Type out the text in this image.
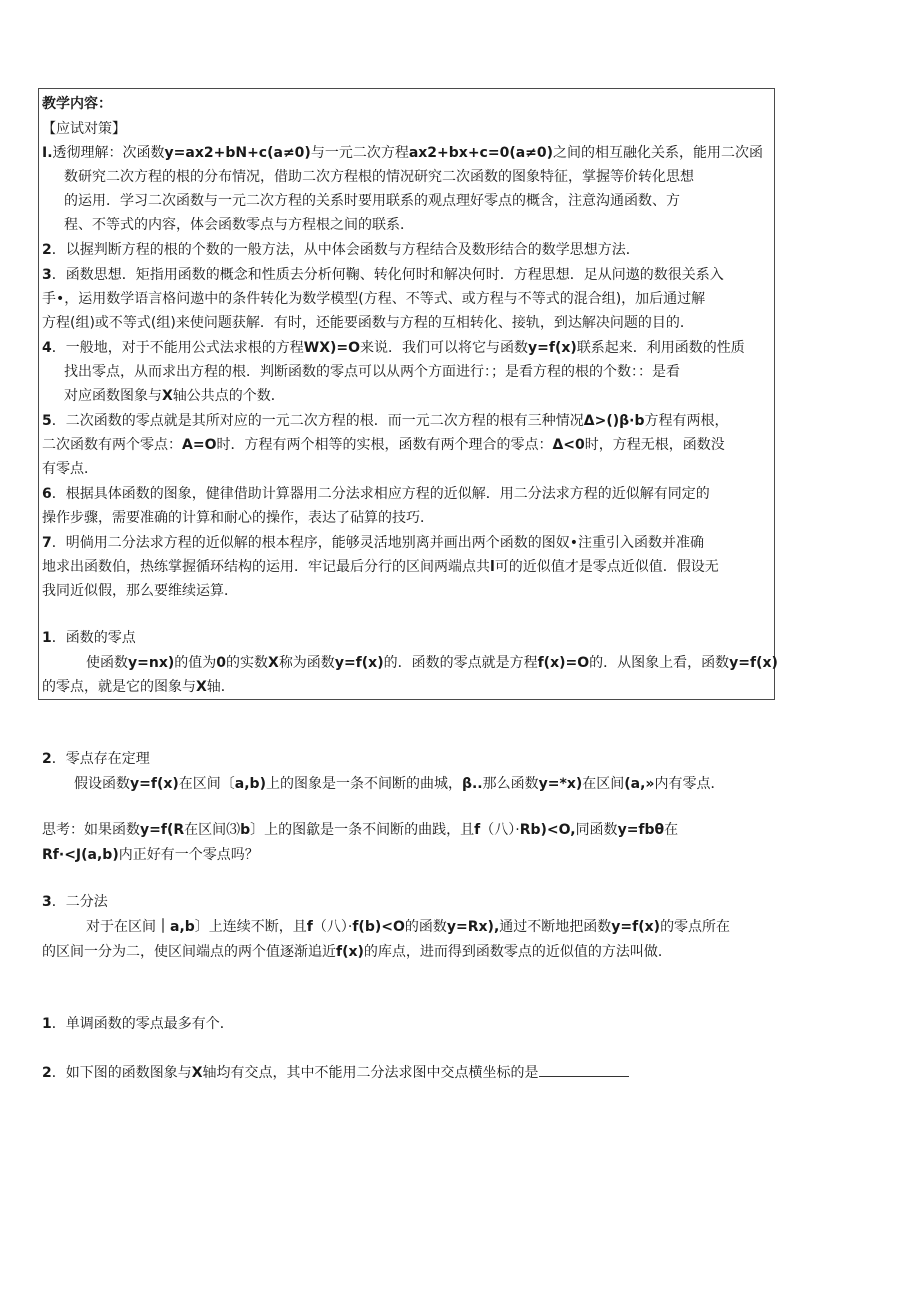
教学内容：
【应试对策】
I.透彻理解：次函数y=ax2+bN+c(a≠0)与一元二次方程ax2+bx+c=0(a≠0)之间的相互融化关系，能用二次函
数研究二次方程的根的分布情况，借助二次方程根的情况研究二次函数的图象特征，掌握等价转化思想
的运用．学习二次函数与一元二次方程的关系时要用联系的观点理好零点的概含，注意沟通函数、方
程、不等式的内容，体会函数零点与方程根之间的联系．
2．以握判断方程的根的个数的一般方法，从中体会函数与方程结合及数形结合的数学思想方法．
3．函数思想．矩指用函数的概念和性质去分析何鞠、转化何时和解决何时．方程思想．足从问遨的数很关系入
手•，运用数学语言格问遨中的条件转化为数学模型(方程、不等式、或方程与不等式的混合组)，加后通过解
方程(组)或不等式(组)来使问题获解．有时，还能要函数与方程的互相转化、接轨，到达解决问题的目的．
4．一般地，对于不能用公式法求根的方程WX)=O来说．我们可以将它与函数y=f(x)联系起来．利用函数的性质
找出零点，从而求出方程的根．判断函数的零点可以从两个方面进行：；是看方程的根的个数：：是看
对应函数图象与X轴公共点的个数．
5．二次函数的零点就是其所对应的一元二次方程的根．而一元二次方程的根有三种情况Δ>()β·b方程有两根，
二次函数有两个零点：A=O时．方程有两个相等的实根，函数有两个理合的零点：Δ<0时，方程无根，函数没
有零点．
6．根据具体函数的图象，健律借助计算器用二分法求相应方程的近似解．用二分法求方程的近似解有同定的
操作步骤，需要准确的计算和耐心的操作，表达了砧算的技巧．
7．明倘用二分法求方程的近似解的根本程序，能够灵活地别离并画出两个函数的图奴•注重引入函数并准确
地求出函数伯，热练掌握循环结构的运用．牢记最后分行的区间两端点共l可的近似值才是零点近似值．假设无
我同近似假，那么要维续运算．
1．函数的零点
使函数y=nx)的值为0的实数X称为函数y=f(x)的．函数的零点就是方程f(x)=O的．从图象上看，函数y=f(x)
的零点，就是它的图象与X轴．
2．零点存在定理
假设函数y=f(x)在区间〔a,b)上的图象是一条不间断的曲城，β..那么函数y=*x)在区间(a,»内有零点．
思考：如果函数y=f(R在区间⑶b〕上的图歙是一条不间断的曲践，且f（八）·Rb)<O,同函数y=fbθ在
Rf·<J(a,b)内正好有一个零点吗？
3．二分法
对于在区间｜a,b〕上连续不断，且f（八）·f(b)<O的函数y=Rx),通过不断地把函数y=f(x)的零点所在
的区间一分为二，使区间端点的两个值逐渐追近f(x)的库点，进而得到函数零点的近似值的方法叫做．
1．单调函数的零点最多有个．
2．如下图的函数图象与X轴均有交点，其中不能用二分法求图中交点横坐标的是
